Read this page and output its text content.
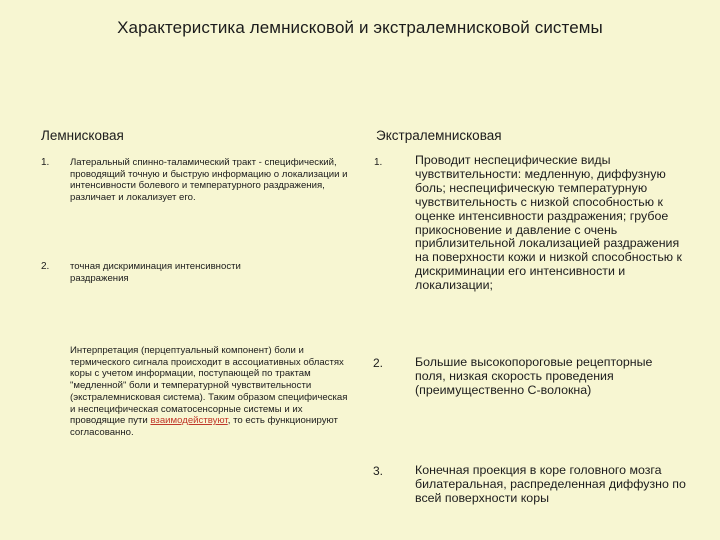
Характеристика лемнисковой и экстралемнисковой системы
Лемнисковая
1. Латеральный спинно-таламический тракт - специфический, проводящий точную и быструю информацию о локализации и интенсивности болевого и температурного раздражения, различает и локализует его.
2. точная дискриминация интенсивности раздражения
Интерпретация (перцептуальный компонент) боли и термического сигнала происходит в ассоциативных областях коры с учетом информации, поступающей по трактам "медленной" боли и температурной чувствительности (экстралемнисковая система). Таким образом специфическая и неспецифическая соматосенсорные системы и их проводящие пути взаимодействуют, то есть функционируют согласованно.
Экстралемнисковая
1.	Проводит неспецифические виды чувствительности: медленную, диффузную боль; неспецифическую температурную чувствительность с низкой способностью к оценке интенсивности раздражения; грубое прикосновение и давление с очень приблизительной локализацией раздражения на поверхности кожи и низкой способностью к дискриминации его интенсивности и локализации;
2.	Большие высокопороговые рецепторные поля, низкая скорость проведения (преимущественно С-волокна)
3.	Конечная проекция в коре головного мозга билатеральная, распределенная диффузно по всей поверхности коры
